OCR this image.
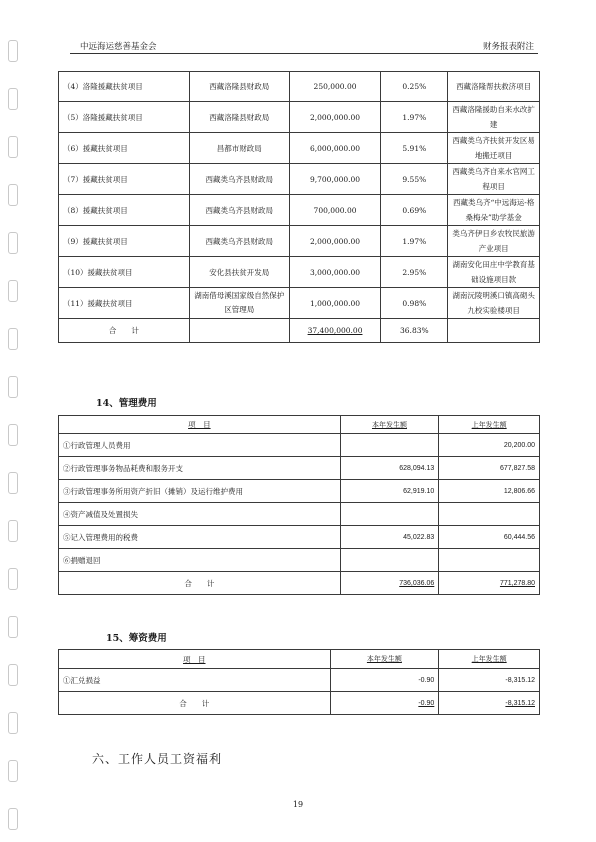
中远海运慈善基金会	财务报表附注
（4）洛隆援藏扶贫项目	西藏洛隆县财政局	250,000.00	0.25%	西藏洛隆帮扶救济项目
（5）洛隆援藏扶贫项目	西藏洛隆县财政局	2,000,000.00	1.97%	西藏洛隆援助自来水改扩建
（6）援藏扶贫项目	昌都市财政局	6,000,000.00	5.91%	西藏类乌齐扶贫开发区易地搬迁项目
（7）援藏扶贫项目	西藏类乌齐县财政局	9,700,000.00	9.55%	西藏类乌齐自来水官网工程项目
（8）援藏扶贫项目	西藏类乌齐县财政局	700,000.00	0.69%	西藏类乌齐“中远海运-格桑梅朵”助学基金
（9）援藏扶贫项目	西藏类乌齐县财政局	2,000,000.00	1.97%	类乌齐伊日乡农牧民旅游产业项目
（10）援藏扶贫项目	安化县扶贫开发局	3,000,000.00	2.95%	湖南安化田庄中学教育基础设施项目款
（11）援藏扶贫项目	湖南借母溪国家级自然保护区管理局	1,000,000.00	0.98%	湖南沅陵明溪口镇高砌头九校实验楼项目
合　　计		37,400,000.00	36.83%	
14、管理费用
项　目	本年发生额	上年发生额
①行政管理人员费用		20,200.00
②行政管理事务物品耗费和服务开支	628,094.13	677,827.58
③行政管理事务所用资产折旧（摊销）及运行维护费用	62,919.10	12,806.66
④资产减值及处置损失		
⑤记入管理费用的税费	45,022.83	60,444.56
⑥捐赠退回		
合　　计	736,036.06	771,278.80
15、筹资费用
项　目	本年发生额	上年发生额
①汇兑损益	-0.90	-8,315.12
合　　计	-0.90	-8,315.12
六、工作人员工资福利
19
